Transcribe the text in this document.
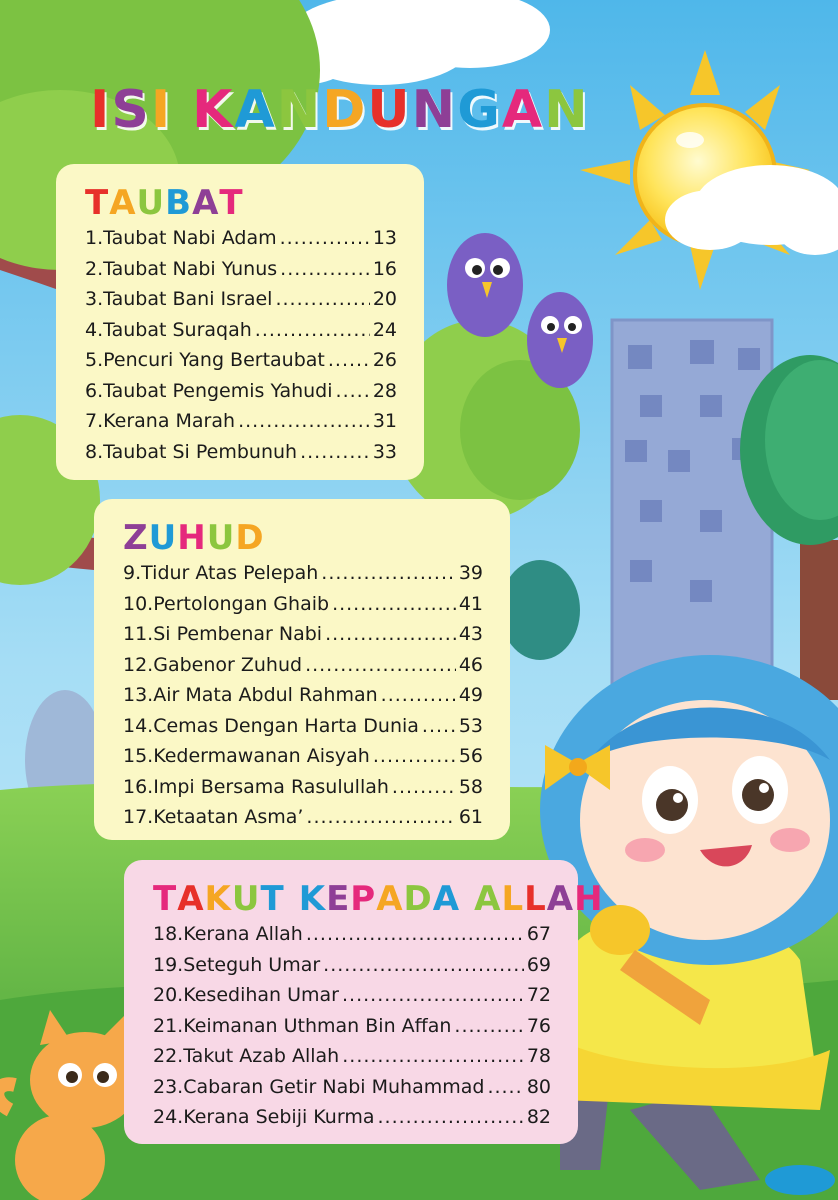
ISI KANDUNGAN
TAUBAT
1. Taubat Nabi Adam .....	13
2. Taubat Nabi Yunus .....	16
3. Taubat Bani Israel .....	20
4. Taubat Suraqah .....	24
5. Pencuri Yang Bertaubat .....	26
6. Taubat Pengemis Yahudi ..... 28
7. Kerana Marah .....	31
8. Taubat Si Pembunuh .....	33
ZUHUD
9. Tidur Atas Pelepah .....	39
10. Pertolongan Ghaib .....	41
11. Si Pembenar Nabi .....	43
12. Gabenor Zuhud .....	46
13. Air Mata Abdul Rahman .....	49
14. Cemas Dengan Harta Dunia ..... 53
15. Kedermawanan Aisyah .....	56
16. Impi Bersama Rasulullah .....	58
17. Ketaatan Asma’ .....	61
TAKUT KEPADA ALLAH
18. Kerana Allah .....	67
19. Seteguh Umar .....	69
20. Kesedihan Umar .....	72
21. Keimanan Uthman Bin Affan .....	76
22. Takut Azab Allah .....	78
23. Cabaran Getir Nabi Muhammad ..... 80
24. Kerana Sebiji Kurma .....	82
